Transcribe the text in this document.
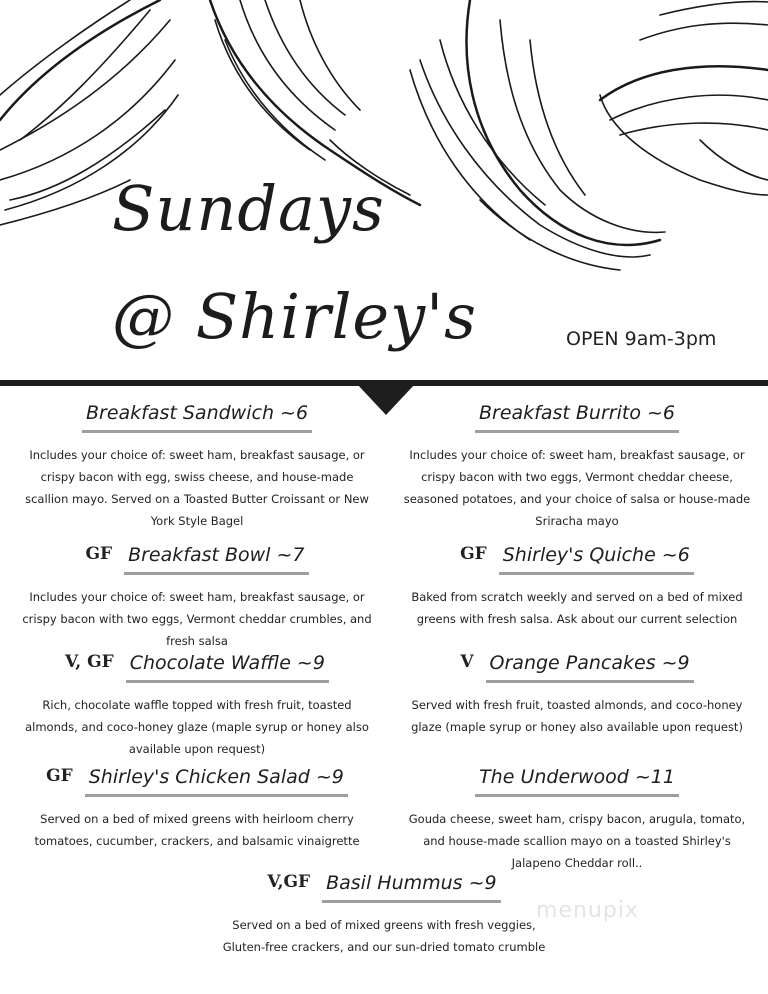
Sundays
@ Shirley's	OPEN 9am-3pm
Breakfast Sandwich ~6

Includes your choice of: sweet ham, breakfast sausage, or crispy bacon with egg, swiss cheese, and house-made scallion mayo. Served on a Toasted Butter Croissant or New York Style Bagel

Breakfast Burrito ~6

Includes your choice of: sweet ham, breakfast sausage, or crispy bacon with two eggs, Vermont cheddar cheese, seasoned potatoes, and your choice of salsa or house-made Sriracha mayo

GF Breakfast Bowl ~7

Includes your choice of: sweet ham, breakfast sausage, or crispy bacon with two eggs, Vermont cheddar crumbles, and fresh salsa

GF Shirley's Quiche ~6

Baked from scratch weekly and served on a bed of mixed greens with fresh salsa. Ask about our current selection

V, GF Chocolate Waffle ~9

Rich, chocolate waffle topped with fresh fruit, toasted almonds, and coco-honey glaze (maple syrup or honey also available upon request)

V Orange Pancakes ~9

Served with fresh fruit, toasted almonds, and coco-honey glaze (maple syrup or honey also available upon request)

GF Shirley's Chicken Salad ~9

Served on a bed of mixed greens with heirloom cherry tomatoes, cucumber, crackers, and balsamic vinaigrette

The Underwood ~11

Gouda cheese, sweet ham, crispy bacon, arugula, tomato, and house-made scallion mayo on a toasted Shirley's Jalapeno Cheddar roll..

V,GF Basil Hummus ~9

Served on a bed of mixed greens with fresh veggies, Gluten-free crackers, and our sun-dried tomato crumble

menupix
